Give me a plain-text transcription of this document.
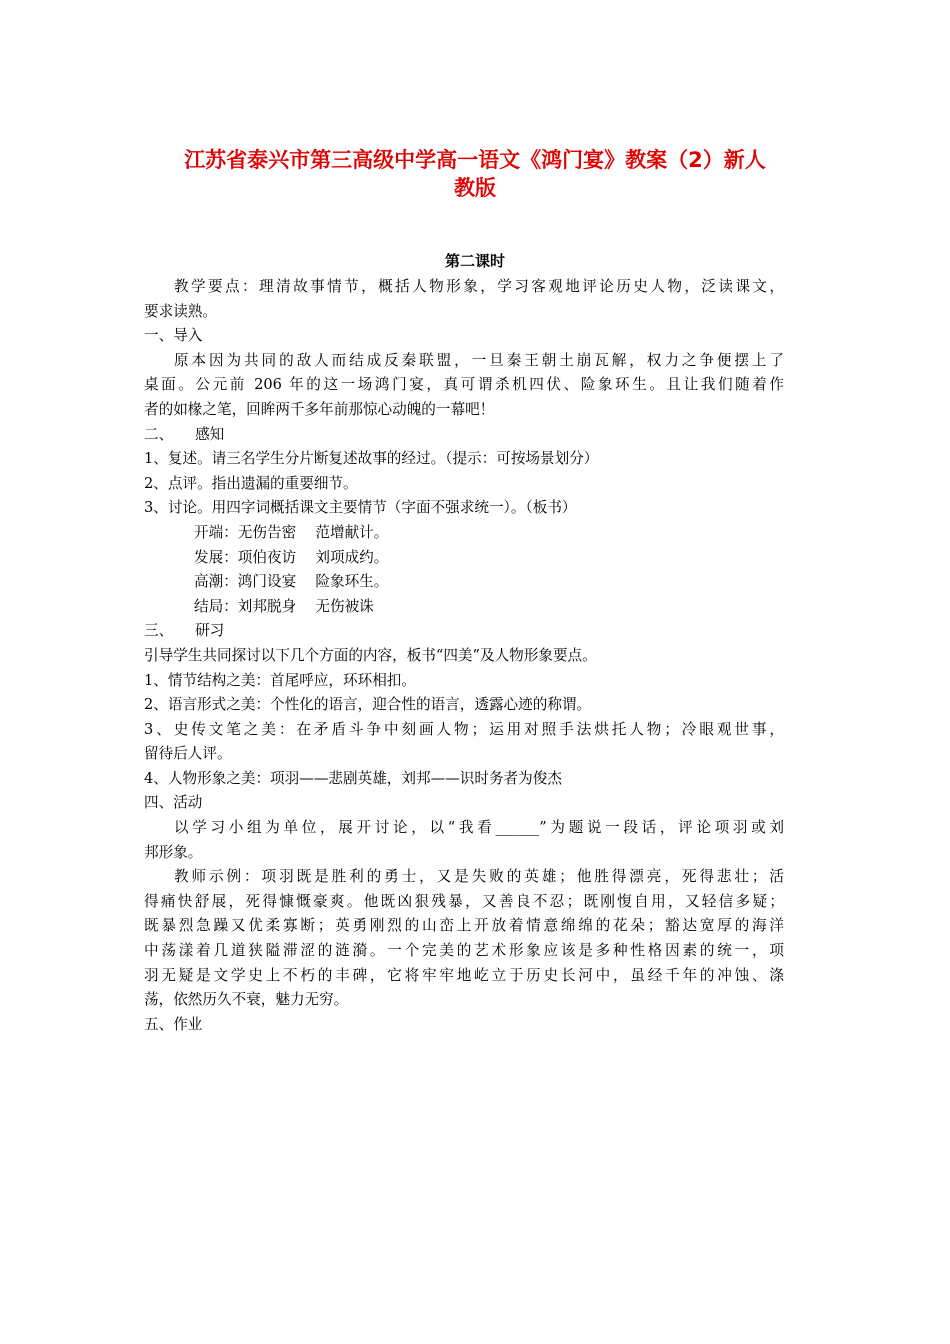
江苏省泰兴市第三高级中学高一语文《鸿门宴》教案（2）新人
教版
第二课时
教学要点：理清故事情节，概括人物形象，学习客观地评论历史人物，泛读课文，
要求读熟。
一、导入
原本因为共同的敌人而结成反秦联盟，一旦秦王朝土崩瓦解，权力之争便摆上了
桌面。公元前 206 年的这一场鸿门宴，真可谓杀机四伏、险象环生。且让我们随着作
者的如椽之笔，回眸两千多年前那惊心动魄的一幕吧！
二、　　感知
1、复述。请三名学生分片断复述故事的经过。（提示：可按场景划分）
2、点评。指出遗漏的重要细节。
3、讨论。用四字词概括课文主要情节（字面不强求统一）。（板书）
开端：无伤告密　 范增献计。
发展：项伯夜访　 刘项成约。
高潮：鸿门设宴　 险象环生。
结局：刘邦脱身　 无伤被诛
三、　　研习
引导学生共同探讨以下几个方面的内容，板书“四美”及人物形象要点。
1、情节结构之美：首尾呼应，环环相扣。
2、语言形式之美：个性化的语言，迎合性的语言，透露心迹的称谓。
3、史传文笔之美：在矛盾斗争中刻画人物；运用对照手法烘托人物；冷眼观世事，
留待后人评。
4、人物形象之美：项羽——悲剧英雄，刘邦——识时务者为俊杰
四、活动
以学习小组为单位，展开讨论，以“我看______”为题说一段话，评论项羽或刘
邦形象。
教师示例：项羽既是胜利的勇士，又是失败的英雄；他胜得漂亮，死得悲壮；活
得痛快舒展，死得慷慨豪爽。他既凶狠残暴，又善良不忍；既刚愎自用，又轻信多疑；
既暴烈急躁又优柔寡断；英勇刚烈的山峦上开放着情意绵绵的花朵；豁达宽厚的海洋
中荡漾着几道狭隘滞涩的涟漪。一个完美的艺术形象应该是多种性格因素的统一，项
羽无疑是文学史上不朽的丰碑，它将牢牢地屹立于历史长河中，虽经千年的冲蚀、涤
荡，依然历久不衰，魅力无穷。
五、作业
